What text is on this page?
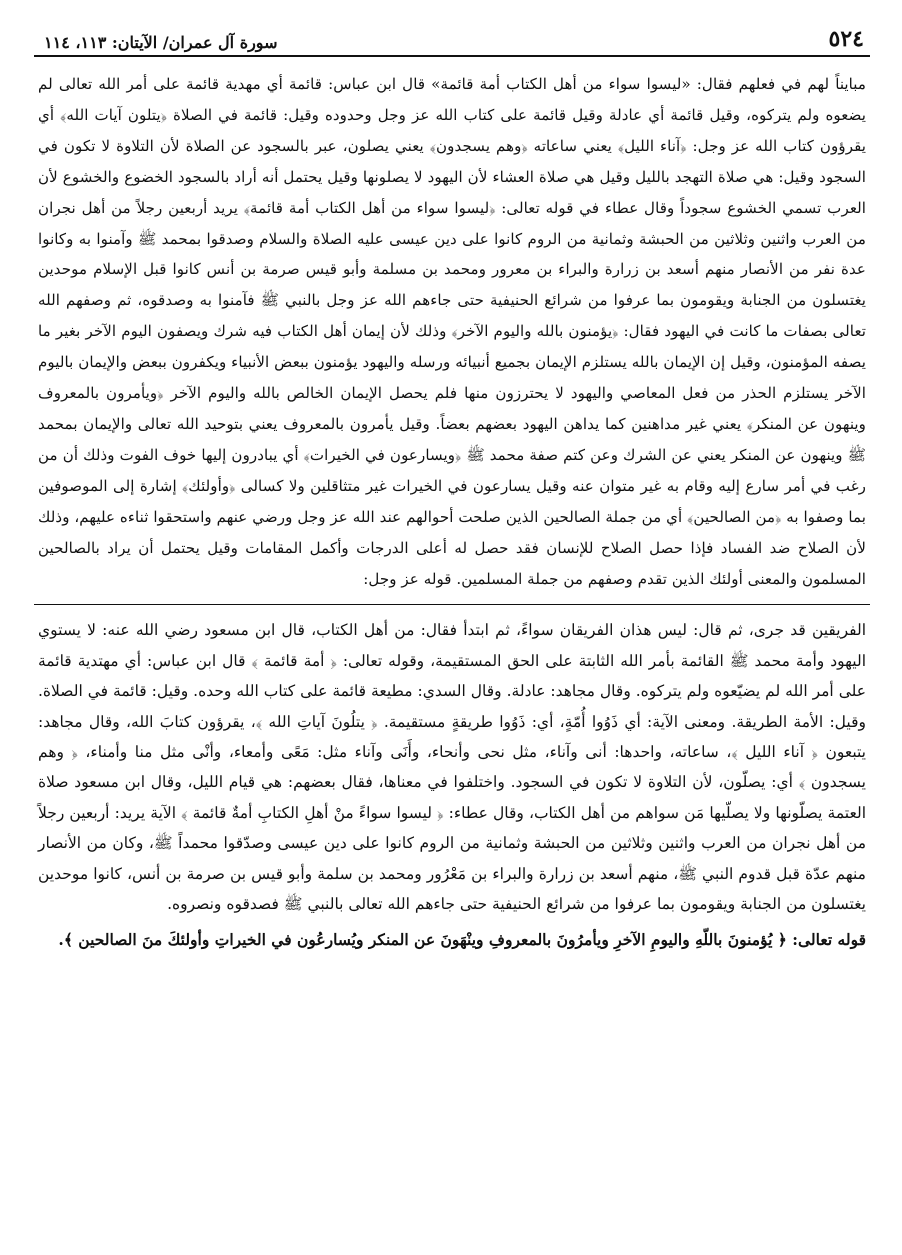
٥٢٤
سورة آل عمران/ الآيتان: ١١٣، ١١٤

مبايناً لهم في فعلهم فقال: «ليسوا سواء من أهل الكتاب أمة قائمة» قال ابن عباس: قائمة أي مهدية قائمة على أمر الله تعالى لم يضعوه ولم يتركوه، وقيل قائمة أي عادلة وقيل قائمة على كتاب الله عز وجل وحدوده وقيل: قائمة في الصلاة ﴿يتلون آيات الله﴾ أي يقرؤون كتاب الله عز وجل: ﴿آناء الليل﴾ يعني ساعاته ﴿وهم يسجدون﴾ يعني يصلون، عبر بالسجود عن الصلاة لأن التلاوة لا تكون في السجود وقيل: هي صلاة التهجد بالليل وقيل هي صلاة العشاء لأن اليهود لا يصلونها وقيل يحتمل أنه أراد بالسجود الخضوع والخشوع لأن العرب تسمي الخشوع سجوداً وقال عطاء في قوله تعالى: ﴿ليسوا سواء من أهل الكتاب أمة قائمة﴾ يريد أربعين رجلاً من أهل نجران من العرب واثنين وثلاثين من الحبشة وثمانية من الروم كانوا على دين عيسى عليه الصلاة والسلام وصدقوا بمحمد ﷺ وآمنوا به وكانوا عدة نفر من الأنصار منهم أسعد بن زرارة والبراء بن معرور ومحمد بن مسلمة وأبو قيس صرمة بن أنس كانوا قبل الإسلام موحدين يغتسلون من الجنابة ويقومون بما عرفوا من شرائع الحنيفية حتى جاءهم الله عز وجل بالنبي ﷺ فآمنوا به وصدقوه، ثم وصفهم الله تعالى بصفات ما كانت في اليهود فقال: ﴿يؤمنون بالله واليوم الآخر﴾ وذلك لأن إيمان أهل الكتاب فيه شرك ويصفون اليوم الآخر بغير ما يصفه المؤمنون، وقيل إن الإيمان بالله يستلزم الإيمان بجميع أنبيائه ورسله واليهود يؤمنون ببعض الأنبياء ويكفرون ببعض والإيمان باليوم الآخر يستلزم الحذر من فعل المعاصي واليهود لا يحترزون منها فلم يحصل الإيمان الخالص بالله واليوم الآخر ﴿ويأمرون بالمعروف وينهون عن المنكر﴾ يعني غير مداهنين كما يداهن اليهود بعضهم بعضاً. وقيل يأمرون بالمعروف يعني بتوحيد الله تعالى والإيمان بمحمد ﷺ وينهون عن المنكر يعني عن الشرك وعن كتم صفة محمد ﷺ ﴿ويسارعون في الخيرات﴾ أي يبادرون إليها خوف الفوت وذلك أن من رغب في أمر سارع إليه وقام به غير متوان عنه وقيل يسارعون في الخيرات غير متثاقلين ولا كسالى ﴿وأولئك﴾ إشارة إلى الموصوفين بما وصفوا به ﴿من الصالحين﴾ أي من جملة الصالحين الذين صلحت أحوالهم عند الله عز وجل ورضي عنهم واستحقوا ثناءه عليهم، وذلك لأن الصلاح ضد الفساد فإذا حصل الصلاح للإنسان فقد حصل له أعلى الدرجات وأكمل المقامات وقيل يحتمل أن يراد بالصالحين المسلمون والمعنى أولئك الذين تقدم وصفهم من جملة المسلمين. قوله عز وجل:

الفريقين قد جرى، ثم قال: ليس هذان الفريقان سواءً، ثم ابتدأ فقال: من أهل الكتاب، قال ابن مسعود رضي الله عنه: لا يستوي اليهود وأمة محمد ﷺ القائمة بأمر الله الثابتة على الحق المستقيمة، وقوله تعالى: ﴿ أمة قائمة ﴾ قال ابن عباس: أي مهتدية قائمة على أمر الله لم يضيّعوه ولم يتركوه. وقال مجاهد: عادلة. وقال السدي: مطيعة قائمة على كتاب الله وحده. وقيل: قائمة في الصلاة. وقيل: الأمة الطريقة. ومعنى الآية: أي ذَوُوا أُمّةٍ، أي: ذَوُوا طريقةٍ مستقيمة. ﴿ يتلُونَ آياتِ الله ﴾، يقرؤون كتابَ الله، وقال مجاهد: يتبعون ﴿ آناء الليل ﴾، ساعاته، واحدها: أنى وآناء، مثل نحى وأنحاء، وأَنَى وآناء مثل: مَعًى وأمعاء، وأنْى مثل منا وأمناء، ﴿ وهم يسجدون ﴾ أي: يصلّون، لأن التلاوة لا تكون في السجود. واختلفوا في معناها، فقال بعضهم: هي قيام الليل، وقال ابن مسعود صلاة العتمة يصلّونها ولا يصلّيها مَن سواهم من أهل الكتاب، وقال عطاء: ﴿ ليسوا سواءً منْ أهلِ الكتابِ أمةٌ قائمة ﴾ الآية يريد: أربعين رجلاً من أهل نجران من العرب واثنين وثلاثين من الحبشة وثمانية من الروم كانوا على دين عيسى وصدّقوا محمداً ﷺ، وكان من الأنصار منهم عدّة قبل قدوم النبي ﷺ، منهم أسعد بن زرارة والبراء بن مَعْرُور ومحمد بن سلمة وأبو قيس بن صرمة بن أنس، كانوا موحدين يغتسلون من الجنابة ويقومون بما عرفوا من شرائع الحنيفية حتى جاءهم الله تعالى بالنبي ﷺ فصدقوه ونصروه.

قوله تعالى: ﴿ يُؤمنونَ باللّهِ واليومِ الآخرِ ويأمرُونَ بالمعروفِ وينْهَونَ عن المنكر ويُسارعُون في الخيراتِ وأولئكَ منَ الصالحين ﴾.
